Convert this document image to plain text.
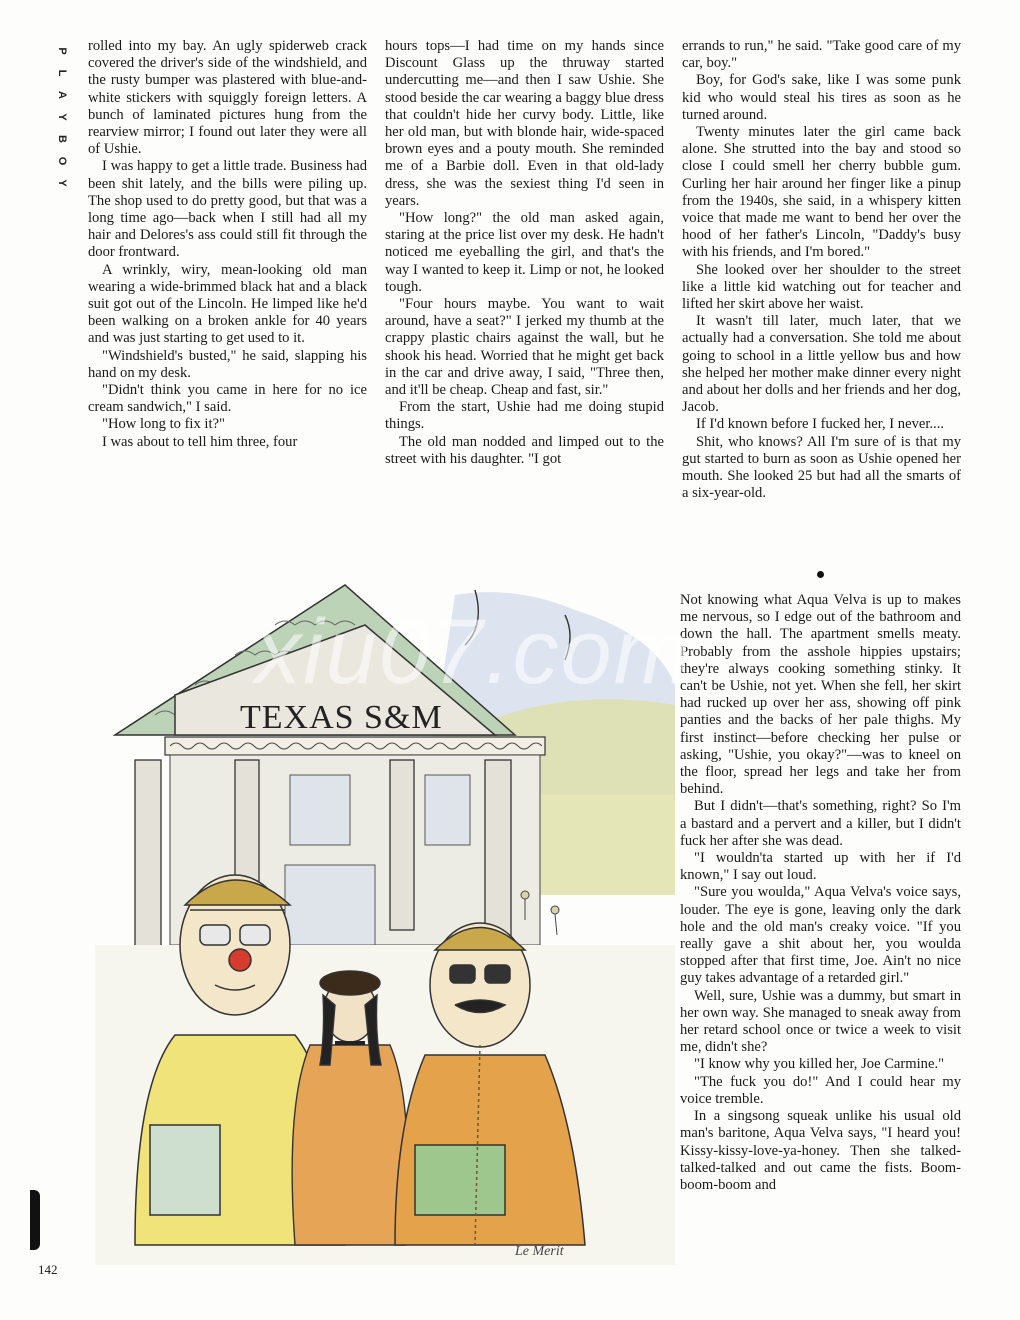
P
L
A
Y
B
O
Y

rolled into my bay. An ugly spiderweb crack covered the driver's side of the windshield, and the rusty bumper was plastered with blue-and-white stickers with squiggly foreign letters. A bunch of laminated pictures hung from the rearview mirror; I found out later they were all of Ushie.

I was happy to get a little trade. Business had been shit lately, and the bills were piling up. The shop used to do pretty good, but that was a long time ago—back when I still had all my hair and Delores's ass could still fit through the door frontward.

A wrinkly, wiry, mean-looking old man wearing a wide-brimmed black hat and a black suit got out of the Lincoln. He limped like he'd been walking on a broken ankle for 40 years and was just starting to get used to it.

"Windshield's busted," he said, slapping his hand on my desk.

"Didn't think you came in here for no ice cream sandwich," I said.

"How long to fix it?"

I was about to tell him three, four

hours tops—I had time on my hands since Discount Glass up the thruway started undercutting me—and then I saw Ushie. She stood beside the car wearing a baggy blue dress that couldn't hide her curvy body. Little, like her old man, but with blonde hair, wide-spaced brown eyes and a pouty mouth. She reminded me of a Barbie doll. Even in that old-lady dress, she was the sexiest thing I'd seen in years.

"How long?" the old man asked again, staring at the price list over my desk. He hadn't noticed me eyeballing the girl, and that's the way I wanted to keep it. Limp or not, he looked tough.

"Four hours maybe. You want to wait around, have a seat?" I jerked my thumb at the crappy plastic chairs against the wall, but he shook his head. Worried that he might get back in the car and drive away, I said, "Three then, and it'll be cheap. Cheap and fast, sir."

From the start, Ushie had me doing stupid things.

The old man nodded and limped out to the street with his daughter. "I got

errands to run," he said. "Take good care of my car, boy."

Boy, for God's sake, like I was some punk kid who would steal his tires as soon as he turned around.

Twenty minutes later the girl came back alone. She strutted into the bay and stood so close I could smell her cherry bubble gum. Curling her hair around her finger like a pinup from the 1940s, she said, in a whispery kitten voice that made me want to bend her over the hood of her father's Lincoln, "Daddy's busy with his friends, and I'm bored."

She looked over her shoulder to the street like a little kid watching out for teacher and lifted her skirt above her waist.

It wasn't till later, much later, that we actually had a conversation. She told me about going to school in a little yellow bus and how she helped her mother make dinner every night and about her dolls and her friends and her dog, Jacob.

If I'd known before I fucked her, I never....

Shit, who knows? All I'm sure of is that my gut started to burn as soon as Ushie opened her mouth. She looked 25 but had all the smarts of a six-year-old.

Not knowing what Aqua Velva is up to makes me nervous, so I edge out of the bathroom and down the hall. The apartment smells meaty. Probably from the asshole hippies upstairs; they're always cooking something stinky. It can't be Ushie, not yet. When she fell, her skirt had rucked up over her ass, showing off pink panties and the backs of her pale thighs. My first instinct—before checking her pulse or asking, "Ushie, you okay?"—was to kneel on the floor, spread her legs and take her from behind.

But I didn't—that's something, right? So I'm a bastard and a pervert and a killer, but I didn't fuck her after she was dead.

"I wouldn'ta started up with her if I'd known," I say out loud.

"Sure you woulda," Aqua Velva's voice says, louder. The eye is gone, leaving only the dark hole and the old man's creaky voice. "If you really gave a shit about her, you woulda stopped after that first time, Joe. Ain't no nice guy takes advantage of a retarded girl."

Well, sure, Ushie was a dummy, but smart in her own way. She managed to sneak away from her retard school once or twice a week to visit me, didn't she?

"I know why you killed her, Joe Carmine."

"The fuck you do!" And I could hear my voice tremble.

In a singsong squeak unlike his usual old man's baritone, Aqua Velva says, "I heard you! Kissy-kissy-love-ya-honey. Then she talked-talked-talked and out came the fists. Boom-boom-boom and

TEXAS S&M
Le Merit
xiu07.com
142
